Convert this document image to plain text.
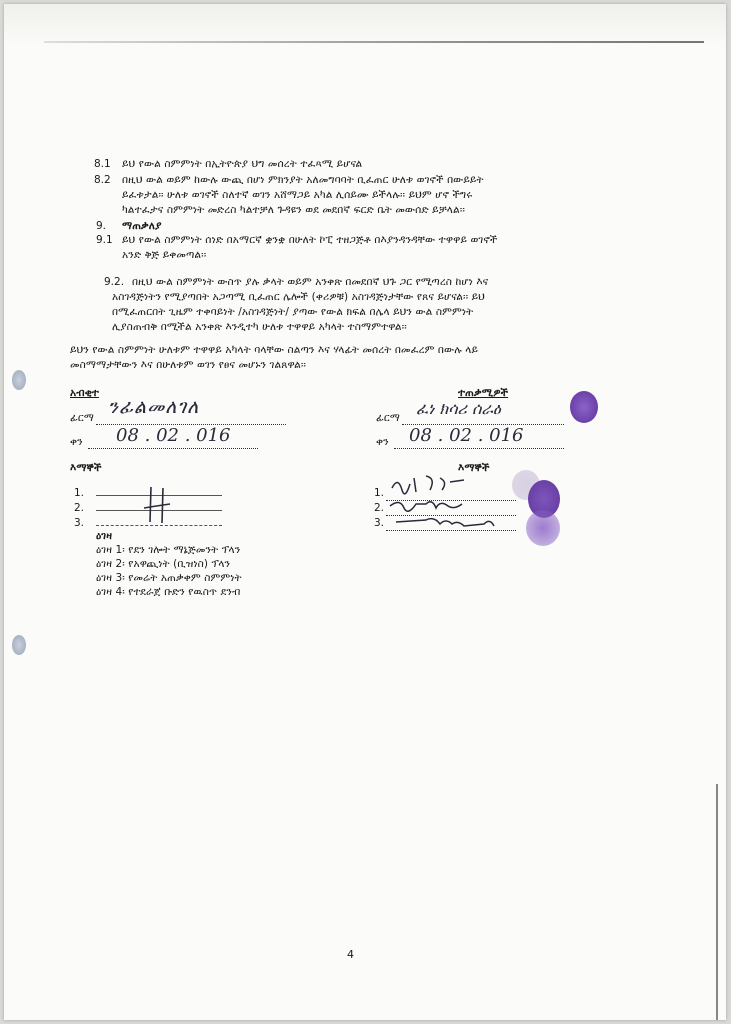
8.1 ይህ የውል ስምምነት በኢትዮጵያ ህግ መሰረት ተፈጻሚ ይሆናል
8.2 በዚህ ውል ወይም ከውሉ ውጪ በሆነ ምክንያት አለመግባባት ቢፈጠር ሁለቱ ወገኖች በውይይት
ይፈቱታል፡፡ ሁለቱ ወገኖች ስለተኛ ወገን አሸማጋይ አካል ሊሰይሙ ይችላሉ፡፡ ይህም ሆኖ ችግሩ
ካልተፈታና ስምምነት መድረስ ካልተቻለ ጉዳዩን ወደ መደበኛ ፍርድ ቤት መውሰድ ይቻላል፡፡
9. ማጠቃለያ
9.1 ይህ የውል ስምምነት ሰነድ በአማርኛ ቋንቋ በሁለት ኮፒ ተዘጋጅቶ በእያንዳንዳቸው ተዋዋይ ወገኖች
አንድ ቅጅ ይቀመጣል፡፡
9.2. በዚህ ውል ስምምነት ውስጥ ያሉ ቃላት ወይም አንቀጽ በመደበኛ ህጉ ጋር የሚጣረስ ከሆነ እና
አስገዳጅነትን የሚያጣበት አጋጣሚ ቢፈጠር ሌሎች (ቀሪዎቹ) አስገዳጅነታቸው የጸና ይሆናል፡፡ ይህ
በሚፈጠርበት ጊዜም ተቀባይነት /አስገዳጅነት/ ያጣው የውል ክፍል በሌላ ይህን ውል ስምምነት
ሊያስጠብቅ በሚችል አንቀጽ እንዲተካ ሁለቱ ተዋዋይ አካላት ተስማምተዋል፡፡
ይህን የውል ስምምነት ሁለቱም ተዋዋይ አካላት ባላቸው ስልጣን እና ሃላፊት መሰረት በመፈረም በውሉ ላይ
መስማማታቸውን እና በሁለቱም ወገን የፀና መሆኑን ገልጸዋል፡፡
አብቂተ
ፊርማ ንፊልመለገለ
ቀን 08 . 02 . 016
ተጠቃሚዎች
ፊርማ ፈነ ክሳሪ ሰራዕ
ቀን 08 . 02 . 016
እማኞች
1.
2.
3.
እማኞች
1.
2.
3.
ዕገዛ
ዕገዛ 1፡ የደን ገሎት ማኔጅመንት ፕላን
ዕገዛ 2፡ የአዋጪነት (ቢዝነስ) ፕላን
ዕገዛ 3፡ የመሬት አጠቃቀም ስምምነት
ዕገዛ 4፡ የተደራጀ ቡድን የዉስጥ ደንብ
4
